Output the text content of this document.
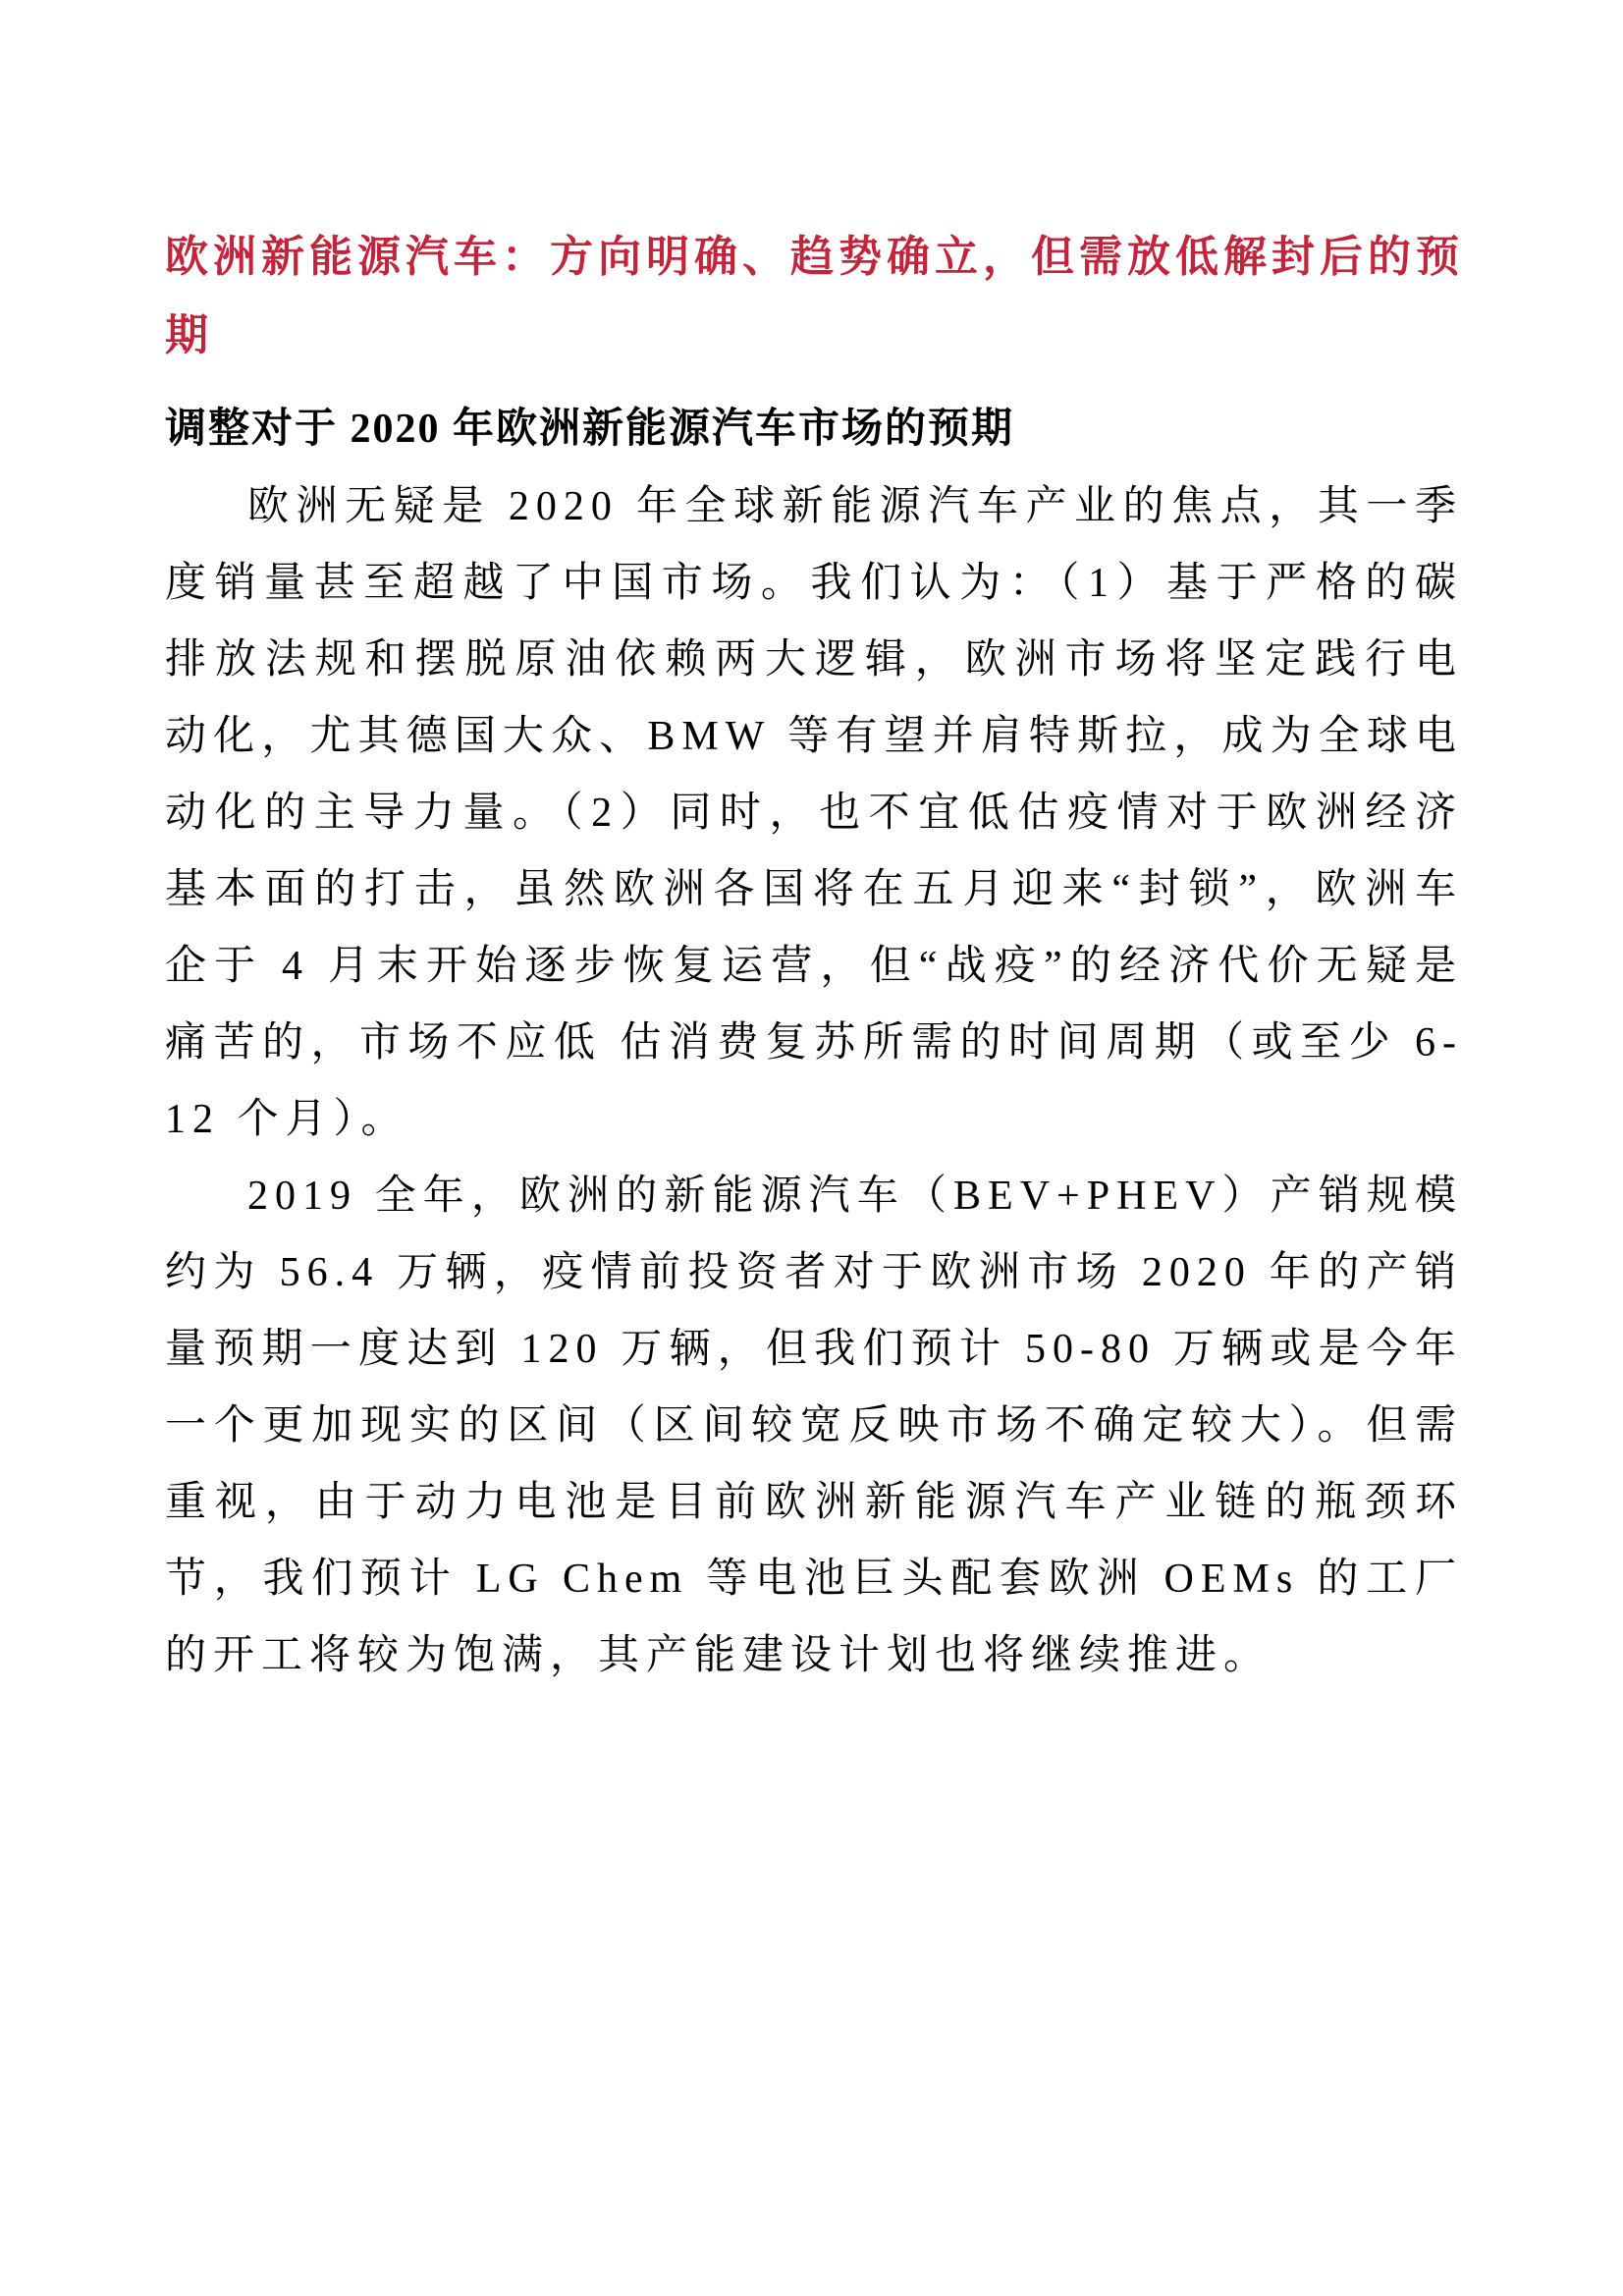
欧洲新能源汽车：方向明确、趋势确立，但需放低解封后的预期
调整对于 2020 年欧洲新能源汽车市场的预期

欧洲无疑是 2020 年全球新能源汽车产业的焦点，其一季度销量甚至超越了中国市场。我们认为：（1）基于严格的碳排放法规和摆脱原油依赖两大逻辑，欧洲市场将坚定践行电动化，尤其德国大众、BMW 等有望并肩特斯拉，成为全球电动化的主导力量。（2）同时，也不宜低估疫情对于欧洲经济基本面的打击，虽然欧洲各国将在五月迎来“封锁”，欧洲车企于 4 月末开始逐步恢复运营，但“战疫”的经济代价无疑是痛苦的，市场不应低 估消费复苏所需的时间周期（或至少 6-12 个月）。

2019 全年，欧洲的新能源汽车（BEV+PHEV）产销规模约为 56.4 万辆，疫情前投资者对于欧洲市场 2020 年的产销量预期一度达到 120 万辆，但我们预计 50-80 万辆或是今年一个更加现实的区间（区间较宽反映市场不确定较大）。但需重视，由于动力电池是目前欧洲新能源汽车产业链的瓶颈环节，我们预计 LG Chem 等电池巨头配套欧洲 OEMs 的工厂的开工将较为饱满，其产能建设计划也将继续推进。
